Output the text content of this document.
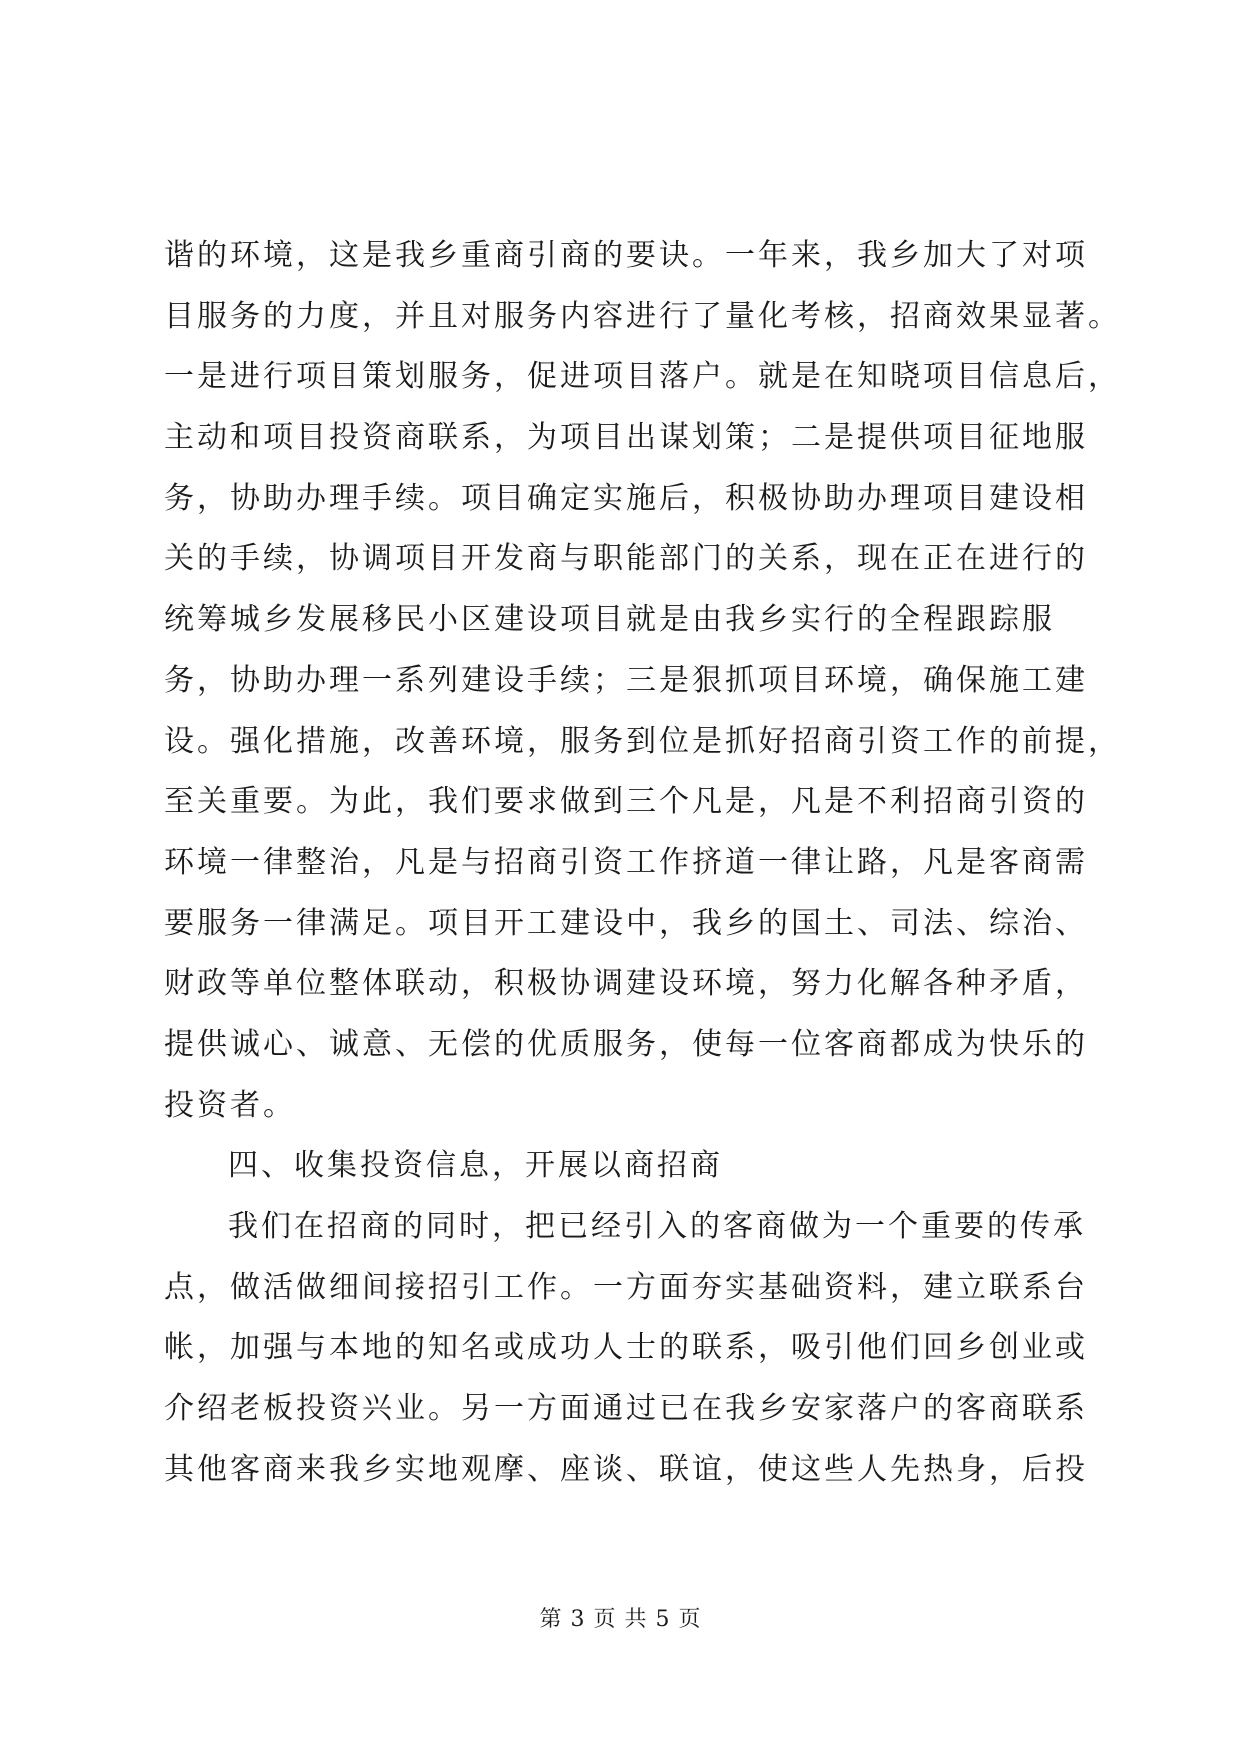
谐的环境，这是我乡重商引商的要诀。一年来，我乡加大了对项
目服务的力度，并且对服务内容进行了量化考核，招商效果显著。
一是进行项目策划服务，促进项目落户。就是在知晓项目信息后，
主动和项目投资商联系，为项目出谋划策；二是提供项目征地服
务，协助办理手续。项目确定实施后，积极协助办理项目建设相
关的手续，协调项目开发商与职能部门的关系，现在正在进行的
统筹城乡发展移民小区建设项目就是由我乡实行的全程跟踪服
务，协助办理一系列建设手续；三是狠抓项目环境，确保施工建
设。强化措施，改善环境，服务到位是抓好招商引资工作的前提，
至关重要。为此，我们要求做到三个凡是，凡是不利招商引资的
环境一律整治，凡是与招商引资工作挤道一律让路，凡是客商需
要服务一律满足。项目开工建设中，我乡的国土、司法、综治、
财政等单位整体联动，积极协调建设环境，努力化解各种矛盾，
提供诚心、诚意、无偿的优质服务，使每一位客商都成为快乐的
投资者。
四、收集投资信息，开展以商招商
我们在招商的同时，把已经引入的客商做为一个重要的传承
点，做活做细间接招引工作。一方面夯实基础资料，建立联系台
帐，加强与本地的知名或成功人士的联系，吸引他们回乡创业或
介绍老板投资兴业。另一方面通过已在我乡安家落户的客商联系
其他客商来我乡实地观摩、座谈、联谊，使这些人先热身，后投
第 3 页 共 5 页
